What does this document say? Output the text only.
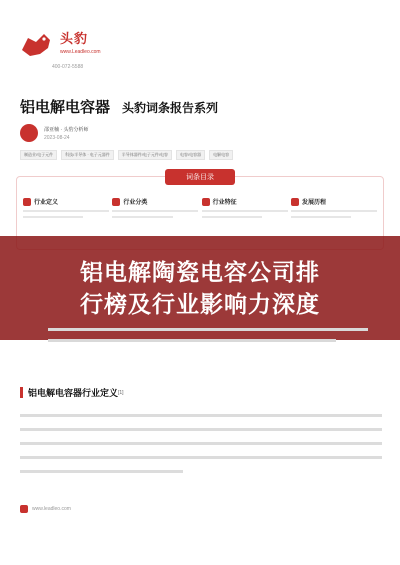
头豹
www.Leadleo.com
400-072-5588
铝电解电容器 头豹词条报告系列
邵亚楠 · 头豹分析师
2023-08-24
制造业/电子元件	科技/半导体 · 电子元器件	半导体器件/电子元件/电容	电容/电容器	电解电容
词条目录
行业定义	行业分类	行业特征	发展历程
铝电解陶瓷电容公司排
行榜及行业影响力深度
铝电解电容器行业定义 [1]
www.leadleo.com
